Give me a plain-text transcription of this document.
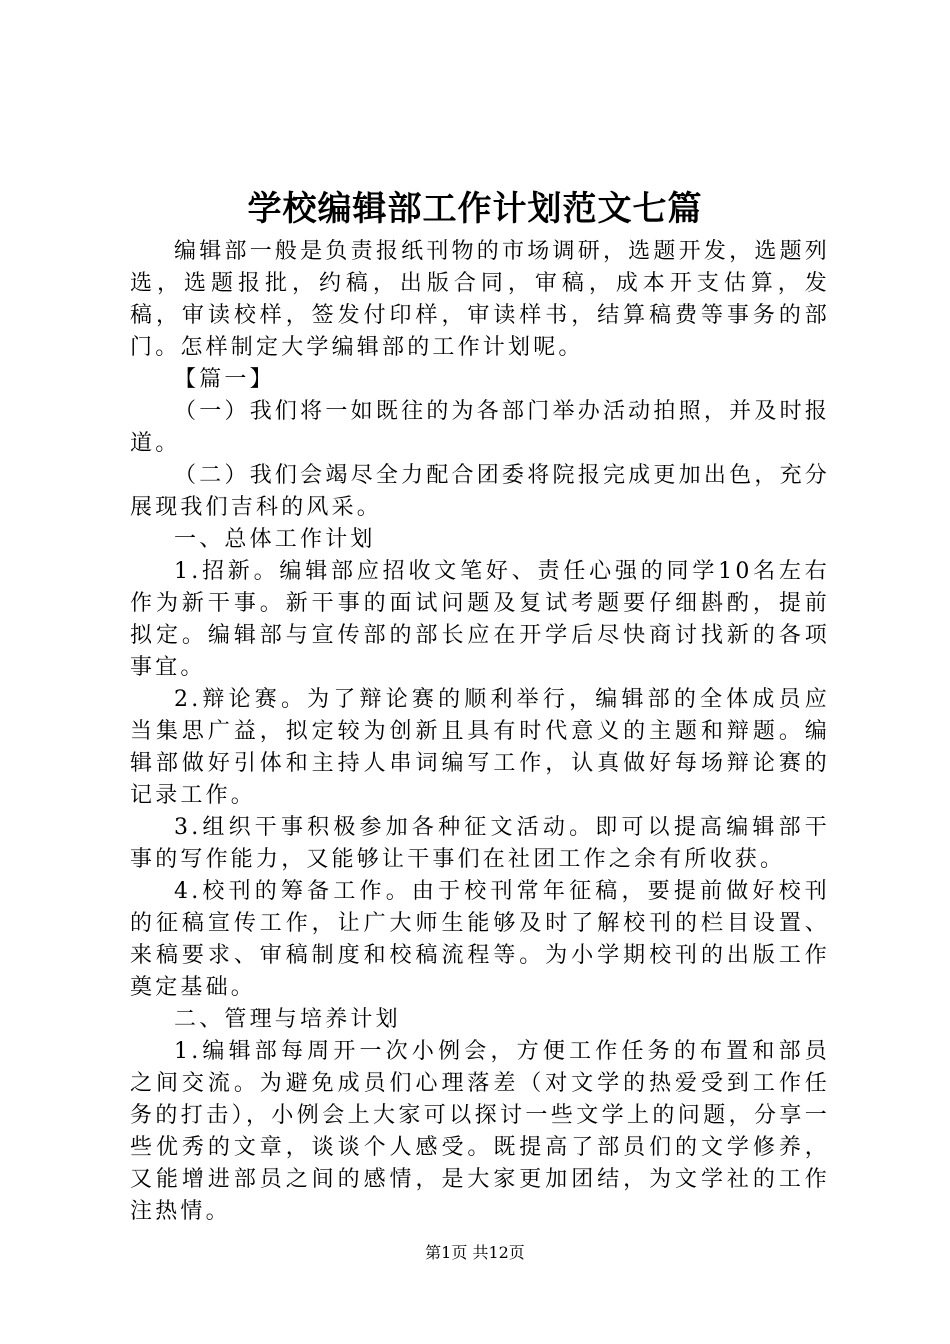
学校编辑部工作计划范文七篇

编辑部一般是负责报纸刊物的市场调研，选题开发，选题列选，选题报批，约稿，出版合同，审稿，成本开支估算，发稿，审读校样，签发付印样，审读样书，结算稿费等事务的部门。怎样制定大学编辑部的工作计划呢。

【篇一】

（一）我们将一如既往的为各部门举办活动拍照，并及时报道。

（二）我们会竭尽全力配合团委将院报完成更加出色，充分展现我们吉科的风采。

一、总体工作计划

1.招新。编辑部应招收文笔好、责任心强的同学10名左右作为新干事。新干事的面试问题及复试考题要仔细斟酌，提前拟定。编辑部与宣传部的部长应在开学后尽快商讨找新的各项事宜。

2.辩论赛。为了辩论赛的顺利举行，编辑部的全体成员应当集思广益，拟定较为创新且具有时代意义的主题和辩题。编辑部做好引体和主持人串词编写工作，认真做好每场辩论赛的记录工作。

3.组织干事积极参加各种征文活动。即可以提高编辑部干事的写作能力，又能够让干事们在社团工作之余有所收获。

4.校刊的筹备工作。由于校刊常年征稿，要提前做好校刊的征稿宣传工作，让广大师生能够及时了解校刊的栏目设置、来稿要求、审稿制度和校稿流程等。为小学期校刊的出版工作奠定基础。

二、管理与培养计划

1.编辑部每周开一次小例会，方便工作任务的布置和部员之间交流。为避免成员们心理落差（对文学的热爱受到工作任务的打击），小例会上大家可以探讨一些文学上的问题，分享一些优秀的文章，谈谈个人感受。既提高了部员们的文学修养，又能增进部员之间的感情，是大家更加团结，为文学社的工作注热情。

第1页 共12页
